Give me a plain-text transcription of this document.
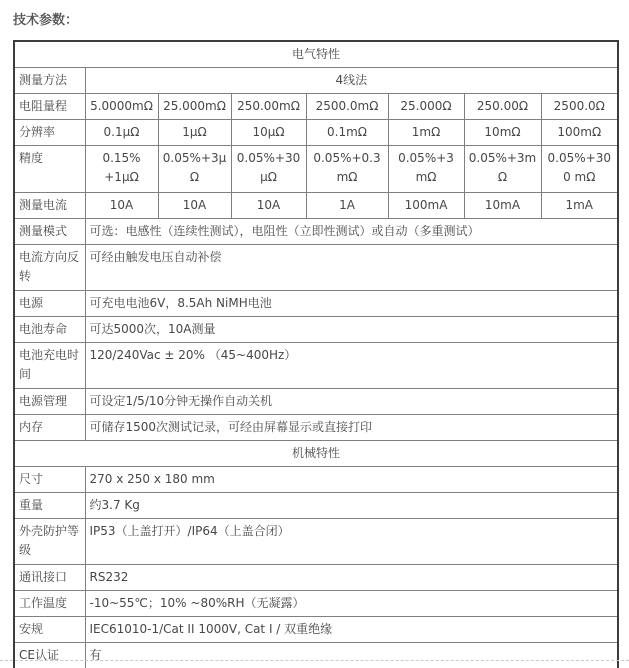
技术参数：
电气特性							
测量方法	4线法						
电阻量程	5.0000mΩ	25.000mΩ	250.00mΩ	2500.0mΩ	25.000Ω	250.00Ω	2500.0Ω
分辨率	0.1μΩ	1μΩ	10μΩ	0.1mΩ	1mΩ	10mΩ	100mΩ
精度	0.15% +1μΩ	0.05%+3μΩ	0.05%+30μΩ	0.05%+0.3mΩ	0.05%+3mΩ	0.05%+3mΩ	0.05%+300 mΩ
测量电流	10A	10A	10A	1A	100mA	10mA	1mA
测量模式	可选：电感性（连续性测试），电阻性（立即性测试）或自动（多重测试）						
电流方向反转	可经由触发电压自动补偿						
电源	可充电电池6V，8.5Ah NiMH电池						
电池寿命	可达5000次，10A测量						
电池充电时间	120/240Vac ± 20% （45~400Hz）						
电源管理	可设定1/5/10分钟无操作自动关机						
内存	可储存1500次测试记录，可经由屏幕显示或直接打印						
机械特性							
尺寸	270 x 250 x 180 mm						
重量	约3.7 Kg						
外壳防护等级	IP53（上盖打开）/IP64（上盖合闭）						
通讯接口	RS232						
工作温度	-10~55℃；10% ~80%RH（无凝露）						
安规	IEC61010-1/Cat II 1000V, Cat I / 双重绝缘						
CE认证	有						
